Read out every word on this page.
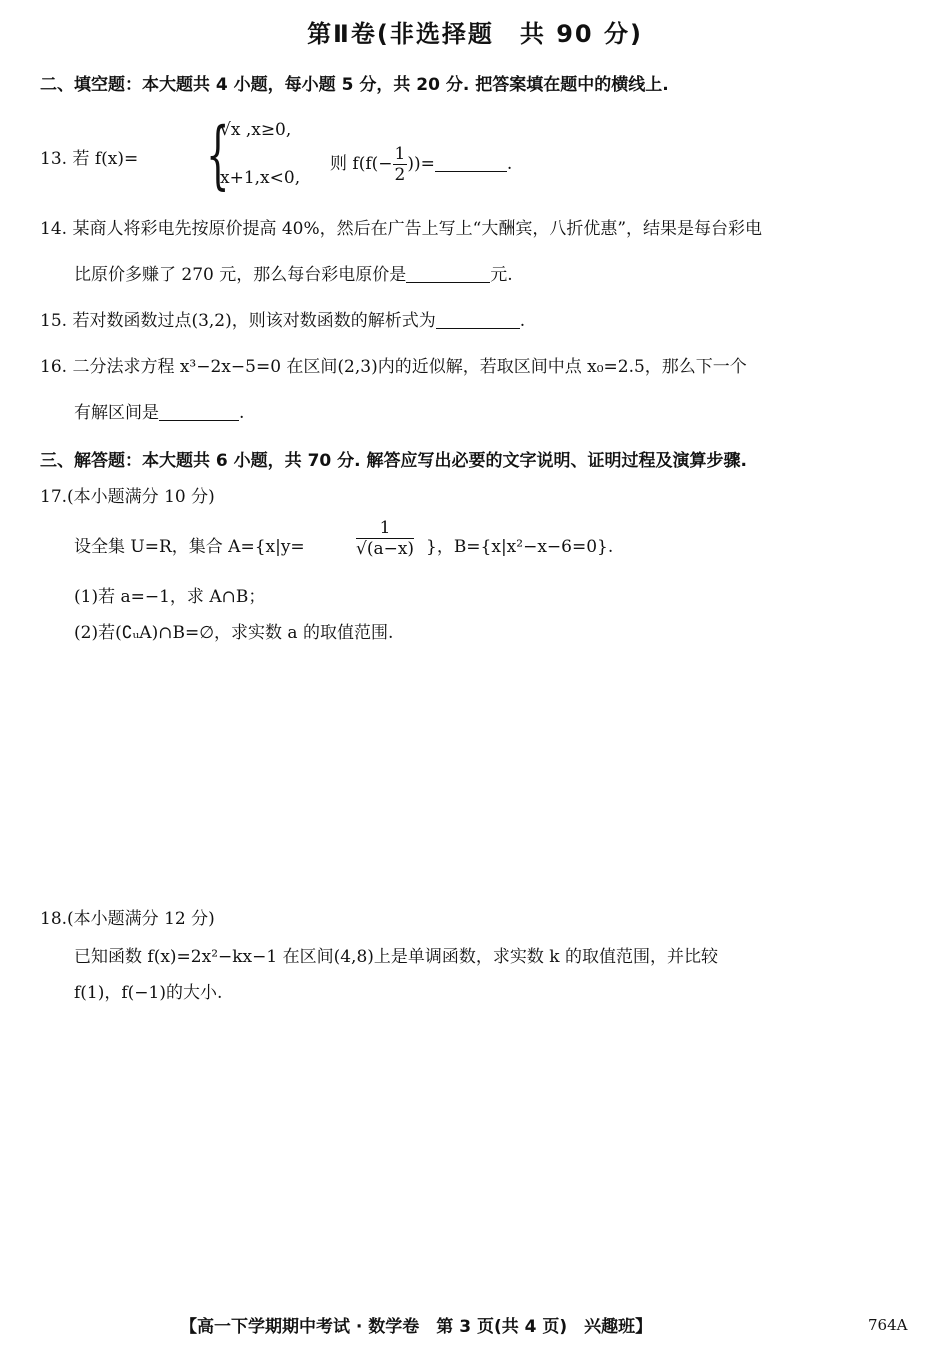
第Ⅱ卷(非选择题　共 90 分)
二、填空题：本大题共 4 小题，每小题 5 分，共 20 分. 把答案填在题中的横线上.
13. 若 f(x)= {
√x ,x≥0,
x+1,x<0,
则 $f(f(- \frac{1}{2}$ ))=	.
14. 某商人将彩电先按原价提高 40%，然后在广告上写上“大酬宾，八折优惠”，结果是每台彩电
比原价多赚了 270 元，那么每台彩电原价是	元.
15. 若对数函数过点(3,2)，则该对数函数的解析式为	.
16. 二分法求方程 x³−2x−5=0 在区间(2,3)内的近似解，若取区间中点 x₀=2.5，那么下一个
有解区间是	.
三、解答题：本大题共 6 小题，共 70 分. 解答应写出必要的文字说明、证明过程及演算步骤.
17.(本小题满分 10 分)
设全集 U=R，集合 A={x|y=	$\frac{1}{√(a-x)}$ }，B={x|x²−x−6=0}.
(1)若 a=−1，求 A∩B；
(2)若(∁ᵤA)∩B=∅，求实数 a 的取值范围.
18.(本小题满分 12 分)
已知函数 f(x)=2x²−kx−1 在区间(4,8)上是单调函数，求实数 k 的取值范围，并比较
f(1)，f(−1)的大小.
【高一下学期期中考试 · 数学卷　第 3 页(共 4 页)　兴趣班】	764A
